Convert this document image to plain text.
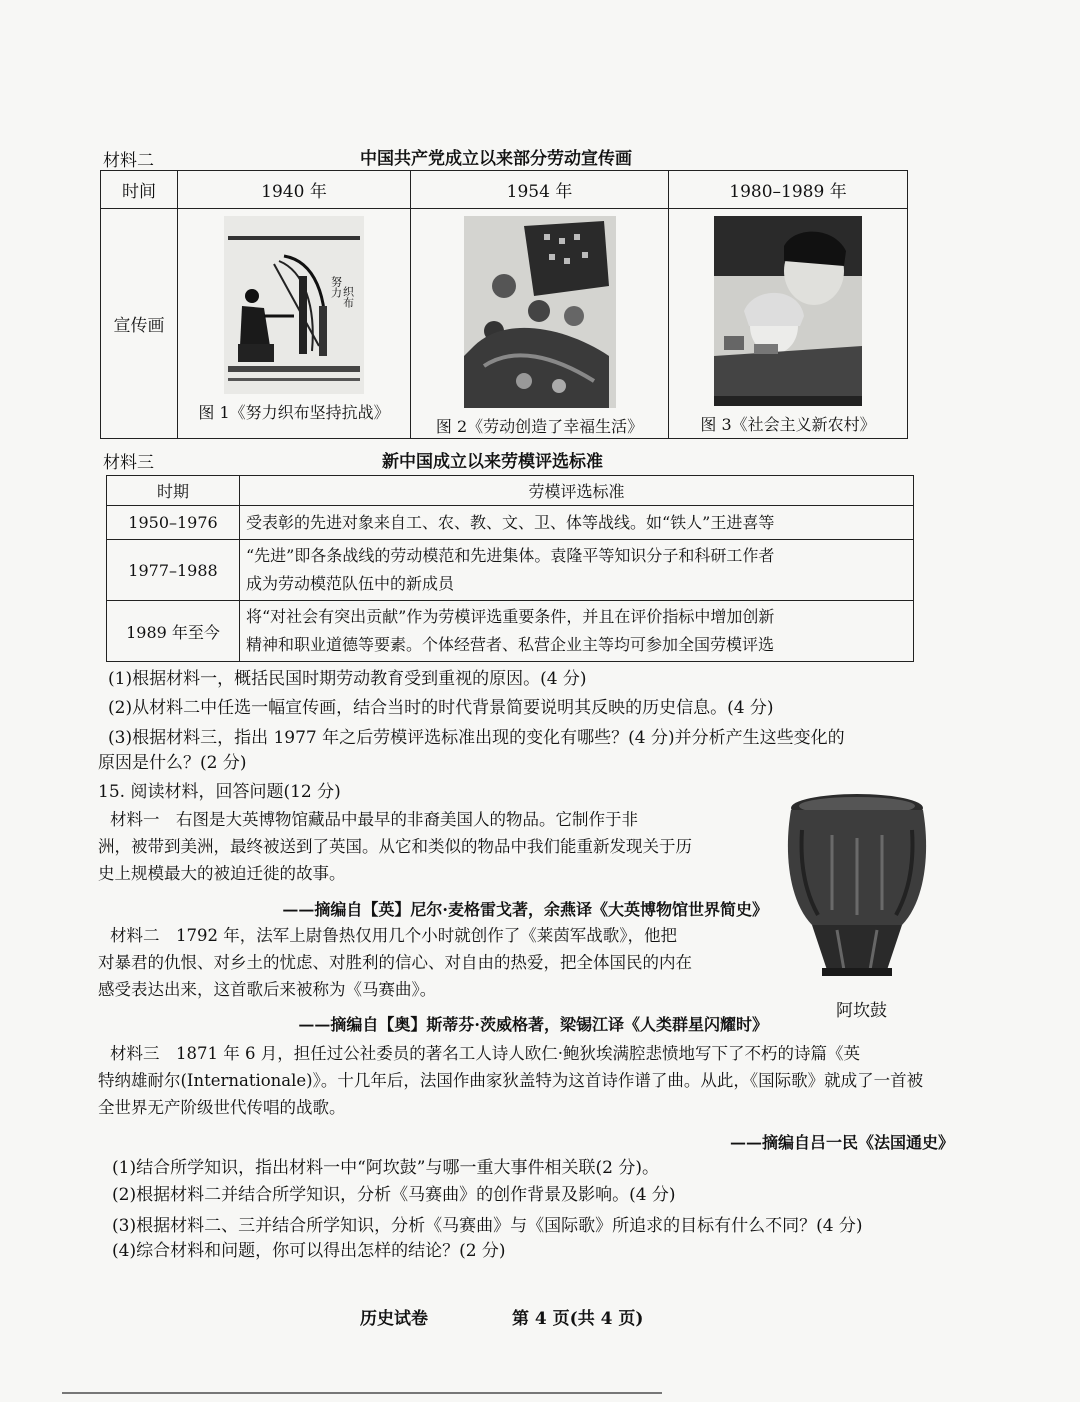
材料二	中国共产党成立以来部分劳动宣传画
时间	1940 年	1954 年	1980–1989 年
宣传画	努力 织布
图 1《努力织布坚持抗战》	图 2《劳动创造了幸福生活》	图 3《社会主义新农村》
材料三	新中国成立以来劳模评选标准
时期	劳模评选标准
1950–1976	受表彰的先进对象来自工、农、教、文、卫、体等战线。如“铁人”王进喜等

1977–1988	“先进”即各条战线的劳动模范和先进集体。袁隆平等知识分子和科研工作者
成为劳动模范队伍中的新成员

1989 年至今	将“对社会有突出贡献”作为劳模评选重要条件，并且在评价指标中增加创新
精神和职业道德等要素。个体经营者、私营企业主等均可参加全国劳模评选
(1)根据材料一，概括民国时期劳动教育受到重视的原因。(4 分)
(2)从材料二中任选一幅宣传画，结合当时的时代背景简要说明其反映的历史信息。(4 分)
(3)根据材料三，指出 1977 年之后劳模评选标准出现的变化有哪些？(4 分)并分析产生这些变化的
原因是什么？(2 分)
15. 阅读材料，回答问题(12 分)
材料一　右图是大英博物馆藏品中最早的非裔美国人的物品。它制作于非
洲，被带到美洲，最终被送到了英国。从它和类似的物品中我们能重新发现关于历
史上规模最大的被迫迁徙的故事。
——摘编自【英】尼尔·麦格雷戈著，余燕译《大英博物馆世界简史》
材料二　1792 年，法军上尉鲁热仅用几个小时就创作了《莱茵军战歌》，他把
对暴君的仇恨、对乡土的忧虑、对胜利的信心、对自由的热爱，把全体国民的内在
感受表达出来，这首歌后来被称为《马赛曲》。
——摘编自【奥】斯蒂芬·茨威格著，梁锡江译《人类群星闪耀时》
阿坎鼓
材料三　1871 年 6 月，担任过公社委员的著名工人诗人欧仁·鲍狄埃满腔悲愤地写下了不朽的诗篇《英
特纳雄耐尔(Internationale)》。十几年后，法国作曲家狄盖特为这首诗作谱了曲。从此，《国际歌》就成了一首被
全世界无产阶级世代传唱的战歌。
——摘编自吕一民《法国通史》
(1)结合所学知识，指出材料一中“阿坎鼓”与哪一重大事件相关联(2 分)。
(2)根据材料二并结合所学知识，分析《马赛曲》的创作背景及影响。(4 分)
(3)根据材料二、三并结合所学知识，分析《马赛曲》与《国际歌》所追求的目标有什么不同？(4 分)
(4)综合材料和问题，你可以得出怎样的结论？(2 分)
历史试卷	第 4 页(共 4 页)
